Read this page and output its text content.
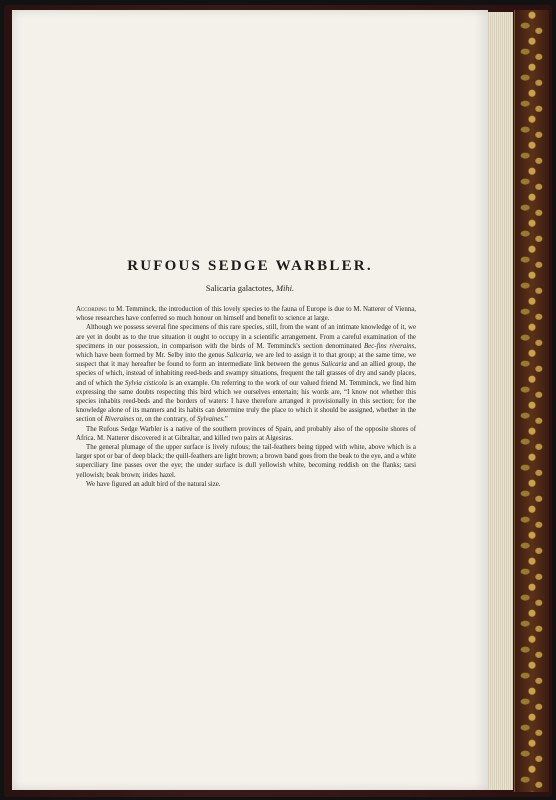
RUFOUS SEDGE WARBLER.
Salicaria galactotes, Mihi.

According to M. Temminck, the introduction of this lovely species to the fauna of Europe is due to M. Natterer of Vienna, whose researches have conferred so much honour on himself and benefit to science at large.

Although we possess several fine specimens of this rare species, still, from the want of an intimate knowledge of it, we are yet in doubt as to the true situation it ought to occupy in a scientific arrangement. From a careful examination of the specimens in our possession, in comparison with the birds of M. Temminck's section denominated Bec-fins riverains, which have been formed by Mr. Selby into the genus Salicaria, we are led to assign it to that group; at the same time, we suspect that it may hereafter be found to form an intermediate link between the genus Salicaria and an allied group, the species of which, instead of inhabiting reed-beds and swampy situations, frequent the tall grasses of dry and sandy places, and of which the Sylvia cisticola is an example. On referring to the work of our valued friend M. Temminck, we find him expressing the same doubts respecting this bird which we ourselves entertain; his words are, “I know not whether this species inhabits reed-beds and the borders of waters: I have therefore arranged it provisionally in this section; for the knowledge alone of its manners and its habits can determine truly the place to which it should be assigned, whether in the section of Riveraines or, on the contrary, of Sylvaines.”

The Rufous Sedge Warbler is a native of the southern provinces of Spain, and probably also of the opposite shores of Africa. M. Natterer discovered it at Gibraltar, and killed two pairs at Algesiras.

The general plumage of the upper surface is lively rufous; the tail-feathers being tipped with white, above which is a larger spot or bar of deep black; the quill-feathers are light brown; a brown band goes from the beak to the eye, and a white superciliary line passes over the eye; the under surface is dull yellowish white, becoming reddish on the flanks; tarsi yellowish; beak brown; irides hazel.

We have figured an adult bird of the natural size.
